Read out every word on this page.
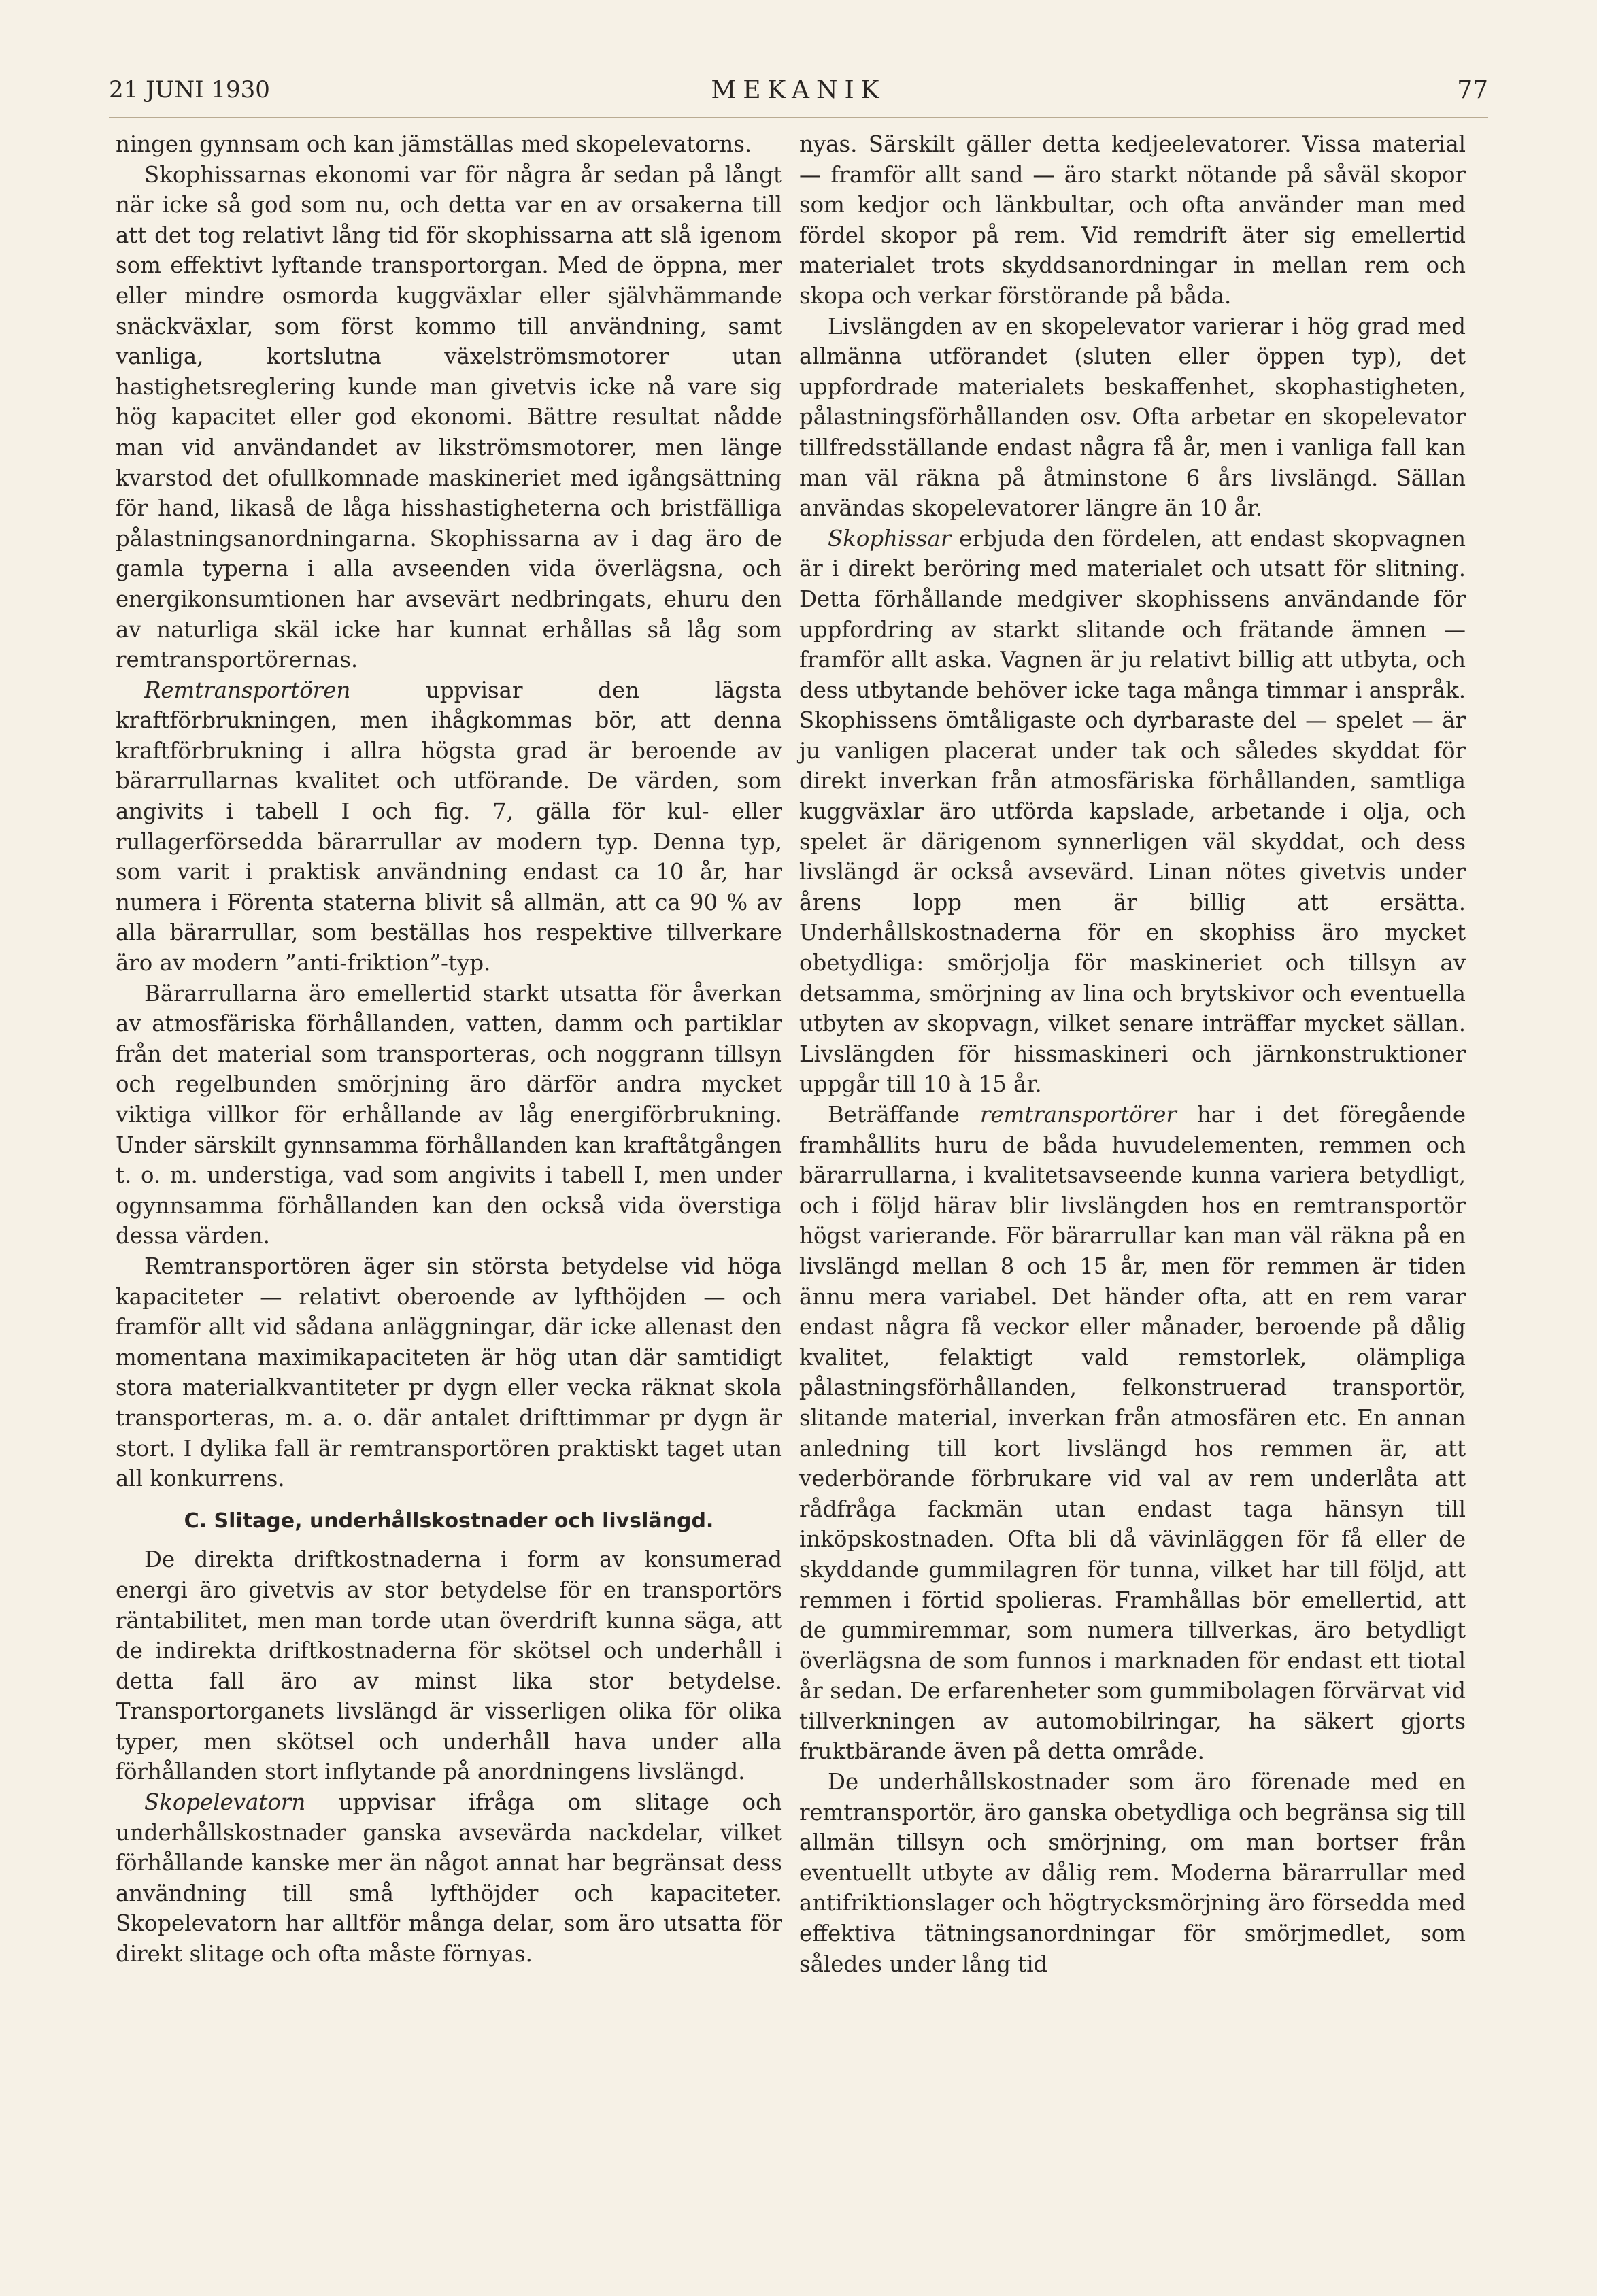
21 JUNI 1930	MEKANIK	77

ningen gynnsam och kan jämställas med skopelevatorns.

Skophissarnas ekonomi var för några år sedan på långt när icke så god som nu, och detta var en av orsakerna till att det tog relativt lång tid för skophissarna att slå igenom som effektivt lyftande transportorgan. Med de öppna, mer eller mindre osmorda kuggväxlar eller självhämmande snäckväxlar, som först kommo till användning, samt vanliga, kortslutna växelströmsmotorer utan hastighetsreglering kunde man givetvis icke nå vare sig hög kapacitet eller god ekonomi. Bättre resultat nådde man vid användandet av likströmsmotorer, men länge kvarstod det ofullkomnade maskineriet med igångsättning för hand, likaså de låga hisshastigheterna och bristfälliga pålastningsanordningarna. Skophissarna av i dag äro de gamla typerna i alla avseenden vida överlägsna, och energikonsumtionen har avsevärt nedbringats, ehuru den av naturliga skäl icke har kunnat erhållas så låg som remtransportörernas.

Remtransportören uppvisar den lägsta kraftförbrukningen, men ihågkommas bör, att denna kraftförbrukning i allra högsta grad är beroende av bärarrullarnas kvalitet och utförande. De värden, som angivits i tabell I och fig. 7, gälla för kul- eller rullagerförsedda bärarrullar av modern typ. Denna typ, som varit i praktisk användning endast ca 10 år, har numera i Förenta staterna blivit så allmän, att ca 90 % av alla bärarrullar, som beställas hos respektive tillverkare äro av modern ”anti-friktion”-typ.

Bärarrullarna äro emellertid starkt utsatta för åverkan av atmosfäriska förhållanden, vatten, damm och partiklar från det material som transporteras, och noggrann tillsyn och regelbunden smörjning äro därför andra mycket viktiga villkor för erhållande av låg energiförbrukning. Under särskilt gynnsamma förhållanden kan kraftåtgången t. o. m. understiga, vad som angivits i tabell I, men under ogynnsamma förhållanden kan den också vida överstiga dessa värden.

Remtransportören äger sin största betydelse vid höga kapaciteter — relativt oberoende av lyfthöjden — och framför allt vid sådana anläggningar, där icke allenast den momentana maximikapaciteten är hög utan där samtidigt stora materialkvantiteter pr dygn eller vecka räknat skola transporteras, m. a. o. där antalet drifttimmar pr dygn är stort. I dylika fall är remtransportören praktiskt taget utan all konkurrens.

C. Slitage, underhållskostnader och livslängd.

De direkta driftkostnaderna i form av konsumerad energi äro givetvis av stor betydelse för en transportörs räntabilitet, men man torde utan överdrift kunna säga, att de indirekta driftkostnaderna för skötsel och underhåll i detta fall äro av minst lika stor betydelse. Transportorganets livslängd är visserligen olika för olika typer, men skötsel och underhåll hava under alla förhållanden stort inflytande på anordningens livslängd.

Skopelevatorn uppvisar ifråga om slitage och underhållskostnader ganska avsevärda nackdelar, vilket förhållande kanske mer än något annat har begränsat dess användning till små lyfthöjder och kapaciteter. Skopelevatorn har alltför många delar, som äro utsatta för direkt slitage och ofta måste förnyas.

nyas. Särskilt gäller detta kedjeelevatorer. Vissa material — framför allt sand — äro starkt nötande på såväl skopor som kedjor och länkbultar, och ofta använder man med fördel skopor på rem. Vid remdrift äter sig emellertid materialet trots skyddsanordningar in mellan rem och skopa och verkar förstörande på båda.

Livslängden av en skopelevator varierar i hög grad med allmänna utförandet (sluten eller öppen typ), det uppfordrade materialets beskaffenhet, skophastigheten, pålastningsförhållanden osv. Ofta arbetar en skopelevator tillfredsställande endast några få år, men i vanliga fall kan man väl räkna på åtminstone 6 års livslängd. Sällan användas skopelevatorer längre än 10 år.

Skophissar erbjuda den fördelen, att endast skopvagnen är i direkt beröring med materialet och utsatt för slitning. Detta förhållande medgiver skophissens användande för uppfordring av starkt slitande och frätande ämnen — framför allt aska. Vagnen är ju relativt billig att utbyta, och dess utbytande behöver icke taga många timmar i anspråk. Skophissens ömtåligaste och dyrbaraste del — spelet — är ju vanligen placerat under tak och således skyddat för direkt inverkan från atmosfäriska förhållanden, samtliga kuggväxlar äro utförda kapslade, arbetande i olja, och spelet är därigenom synnerligen väl skyddat, och dess livslängd är också avsevärd. Linan nötes givetvis under årens lopp men är billig att ersätta. Underhållskostnaderna för en skophiss äro mycket obetydliga: smörjolja för maskineriet och tillsyn av detsamma, smörjning av lina och brytskivor och eventuella utbyten av skopvagn, vilket senare inträffar mycket sällan. Livslängden för hissmaskineri och järnkonstruktioner uppgår till 10 à 15 år.

Beträffande remtransportörer har i det föregående framhållits huru de båda huvudelementen, remmen och bärarrullarna, i kvalitetsavseende kunna variera betydligt, och i följd härav blir livslängden hos en remtransportör högst varierande. För bärarrullar kan man väl räkna på en livslängd mellan 8 och 15 år, men för remmen är tiden ännu mera variabel. Det händer ofta, att en rem varar endast några få veckor eller månader, beroende på dålig kvalitet, felaktigt vald remstorlek, olämpliga pålastningsförhållanden, felkonstruerad transportör, slitande material, inverkan från atmosfären etc. En annan anledning till kort livslängd hos remmen är, att vederbörande förbrukare vid val av rem underlåta att rådfråga fackmän utan endast taga hänsyn till inköpskostnaden. Ofta bli då vävinläggen för få eller de skyddande gummilagren för tunna, vilket har till följd, att remmen i förtid spolieras. Framhållas bör emellertid, att de gummiremmar, som numera tillverkas, äro betydligt överlägsna de som funnos i marknaden för endast ett tiotal år sedan. De erfarenheter som gummibolagen förvärvat vid tillverkningen av automobilringar, ha säkert gjorts fruktbärande även på detta område.

De underhållskostnader som äro förenade med en remtransportör, äro ganska obetydliga och begränsa sig till allmän tillsyn och smörjning, om man bortser från eventuellt utbyte av dålig rem. Moderna bärarrullar med antifriktionslager och högtrycksmörjning äro försedda med effektiva tätningsanordningar för smörjmedlet, som således under lång tid
